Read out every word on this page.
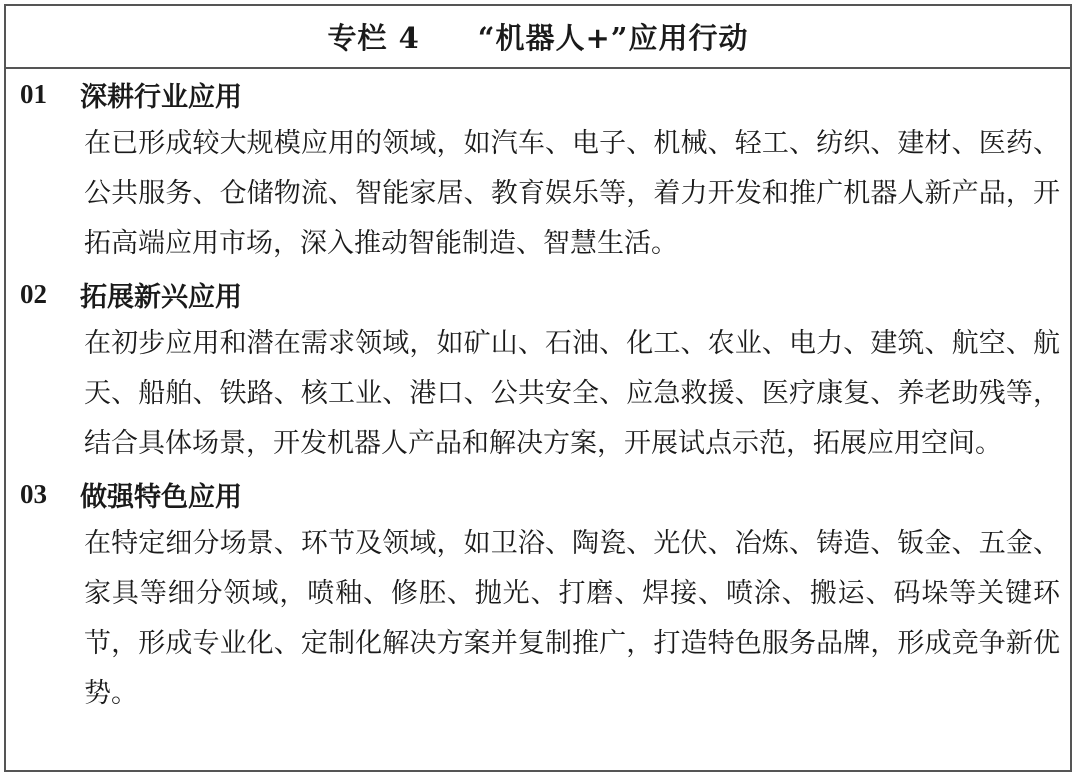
专栏 4 “机器人+”应用行动
01	深耕行业应用
在已形成较大规模应用的领域，如汽车、电子、机械、轻工、纺织、建材、医药、公共服务、仓储物流、智能家居、教育娱乐等，着力开发和推广机器人新产品，开拓高端应用市场，深入推动智能制造、智慧生活。
02	拓展新兴应用
在初步应用和潜在需求领域，如矿山、石油、化工、农业、电力、建筑、航空、航天、船舶、铁路、核工业、港口、公共安全、应急救援、医疗康复、养老助残等，结合具体场景，开发机器人产品和解决方案，开展试点示范，拓展应用空间。
03	做强特色应用
在特定细分场景、环节及领域，如卫浴、陶瓷、光伏、冶炼、铸造、钣金、五金、家具等细分领域，喷釉、修胚、抛光、打磨、焊接、喷涂、搬运、码垛等关键环节，形成专业化、定制化解决方案并复制推广，打造特色服务品牌，形成竞争新优势。
